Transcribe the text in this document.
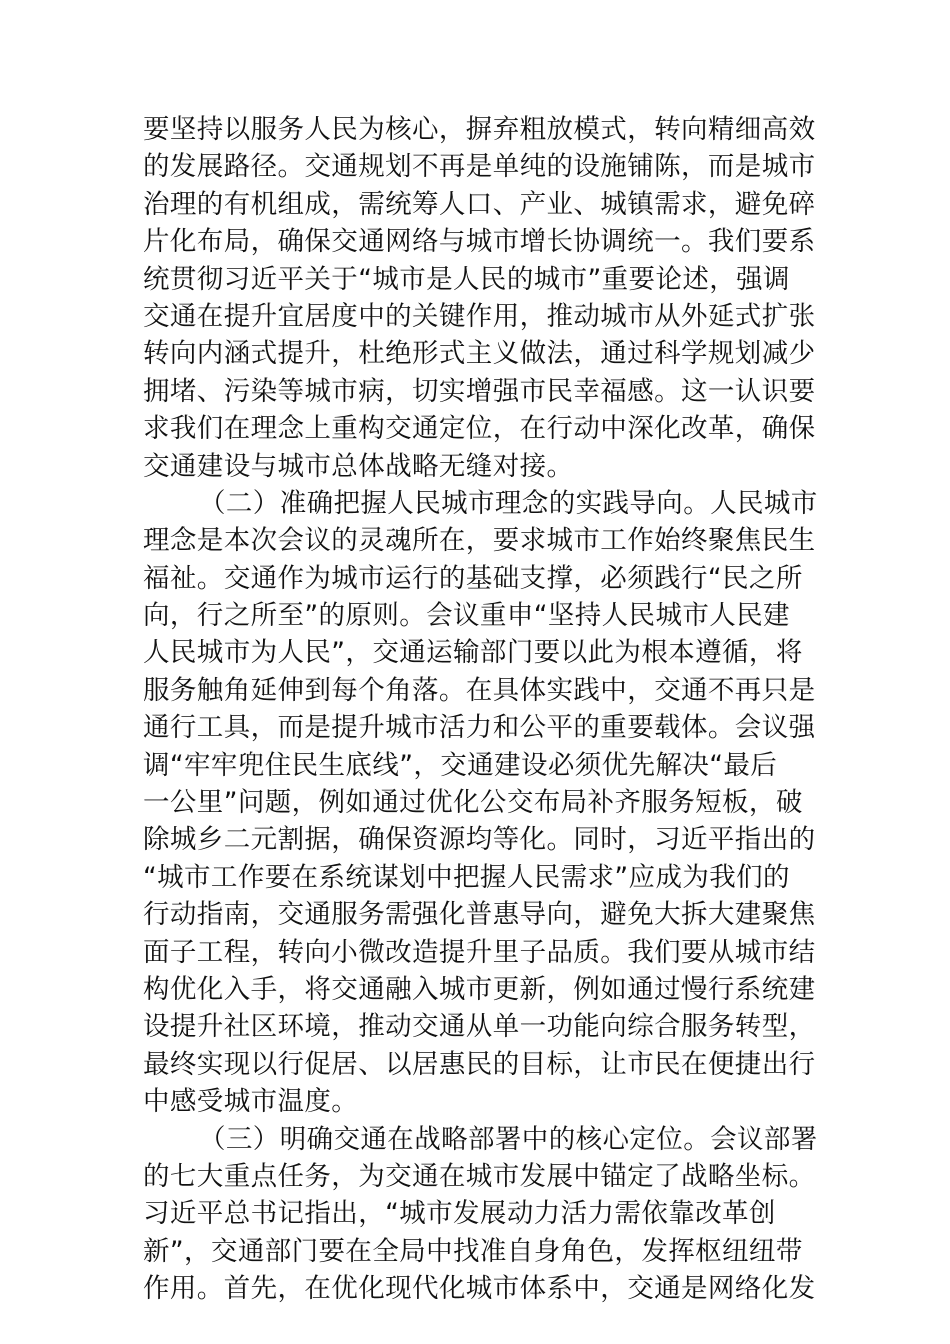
要坚持以服务人民为核心，摒弃粗放模式，转向精细高效
的发展路径。交通规划不再是单纯的设施铺陈，而是城市
治理的有机组成，需统筹人口、产业、城镇需求，避免碎
片化布局，确保交通网络与城市增长协调统一。我们要系
统贯彻习近平关于“城市是人民的城市”重要论述，强调
交通在提升宜居度中的关键作用，推动城市从外延式扩张
转向内涵式提升，杜绝形式主义做法，通过科学规划减少
拥堵、污染等城市病，切实增强市民幸福感。这一认识要
求我们在理念上重构交通定位，在行动中深化改革，确保
交通建设与城市总体战略无缝对接。
（二）准确把握人民城市理念的实践导向。人民城市
理念是本次会议的灵魂所在，要求城市工作始终聚焦民生
福祉。交通作为城市运行的基础支撑，必须践行“民之所
向，行之所至”的原则。会议重申“坚持人民城市人民建
人民城市为人民”，交通运输部门要以此为根本遵循，将
服务触角延伸到每个角落。在具体实践中，交通不再只是
通行工具，而是提升城市活力和公平的重要载体。会议强
调“牢牢兜住民生底线”，交通建设必须优先解决“最后
一公里”问题，例如通过优化公交布局补齐服务短板，破
除城乡二元割据，确保资源均等化。同时，习近平指出的
“城市工作要在系统谋划中把握人民需求”应成为我们的
行动指南，交通服务需强化普惠导向，避免大拆大建聚焦
面子工程，转向小微改造提升里子品质。我们要从城市结
构优化入手，将交通融入城市更新，例如通过慢行系统建
设提升社区环境，推动交通从单一功能向综合服务转型，
最终实现以行促居、以居惠民的目标，让市民在便捷出行
中感受城市温度。
（三）明确交通在战略部署中的核心定位。会议部署
的七大重点任务，为交通在城市发展中锚定了战略坐标。
习近平总书记指出，“城市发展动力活力需依靠改革创
新”，交通部门要在全局中找准自身角色，发挥枢纽纽带
作用。首先，在优化现代化城市体系中，交通是网络化发
